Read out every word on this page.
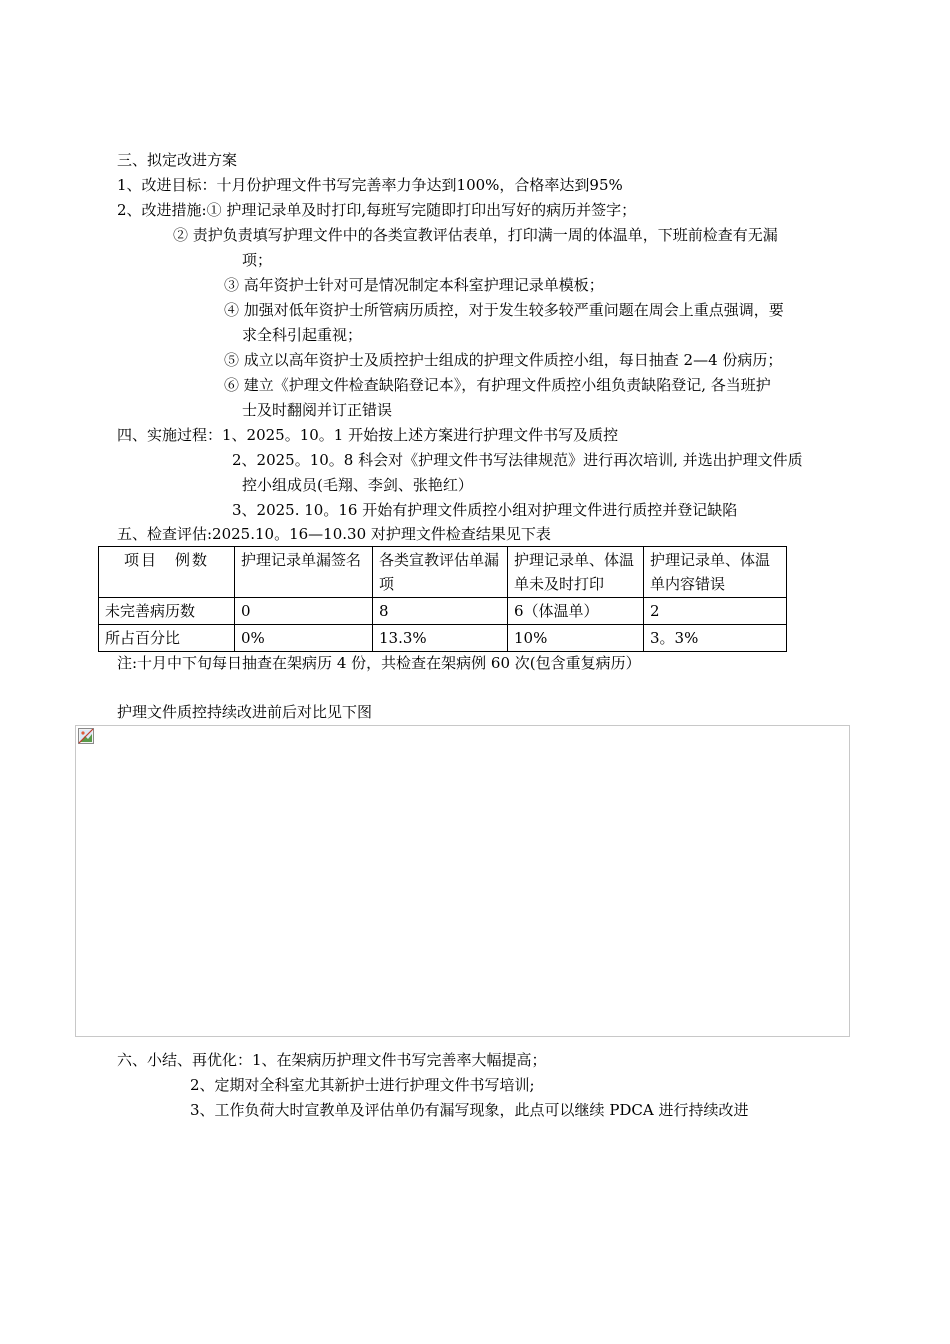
三、拟定改进方案
1、改进目标：十月份护理文件书写完善率力争达到100%，合格率达到95%
2、改进措施:① 护理记录单及时打印,每班写完随即打印出写好的病历并签字；
② 责护负责填写护理文件中的各类宣教评估表单，打印满一周的体温单，下班前检查有无漏
项；
③ 高年资护士针对可是情况制定本科室护理记录单模板；
④ 加强对低年资护士所管病历质控，对于发生较多较严重问题在周会上重点强调，要
求全科引起重视；
⑤ 成立以高年资护士及质控护士组成的护理文件质控小组，每日抽查 2—4 份病历；
⑥ 建立《护理文件检查缺陷登记本》，有护理文件质控小组负责缺陷登记, 各当班护
士及时翻阅并订正错误
四、实施过程：1、2025。10。1 开始按上述方案进行护理文件书写及质控
2、2025。10。8 科会对《护理文件书写法律规范》进行再次培训, 并选出护理文件质
控小组成员(毛翔、李剑、张艳红）
3、2025. 10。16 开始有护理文件质控小组对护理文件进行质控并登记缺陷
五、检查评估:2025.10。16—10.30 对护理文件检查结果见下表
项目　例数	护理记录单漏签名	各类宣教评估单漏项	护理记录单、体温单未及时打印	护理记录单、体温单内容错误
未完善病历数	0	8	6（体温单）	2
所占百分比	0%	13.3%	10%	3。3%
注:十月中下旬每日抽查在架病历 4 份，共检查在架病例 60 次(包含重复病历）
护理文件质控持续改进前后对比见下图
六、小结、再优化：1、在架病历护理文件书写完善率大幅提高；
2、定期对全科室尤其新护士进行护理文件书写培训;
3、工作负荷大时宣教单及评估单仍有漏写现象，此点可以继续 PDCA 进行持续改进
